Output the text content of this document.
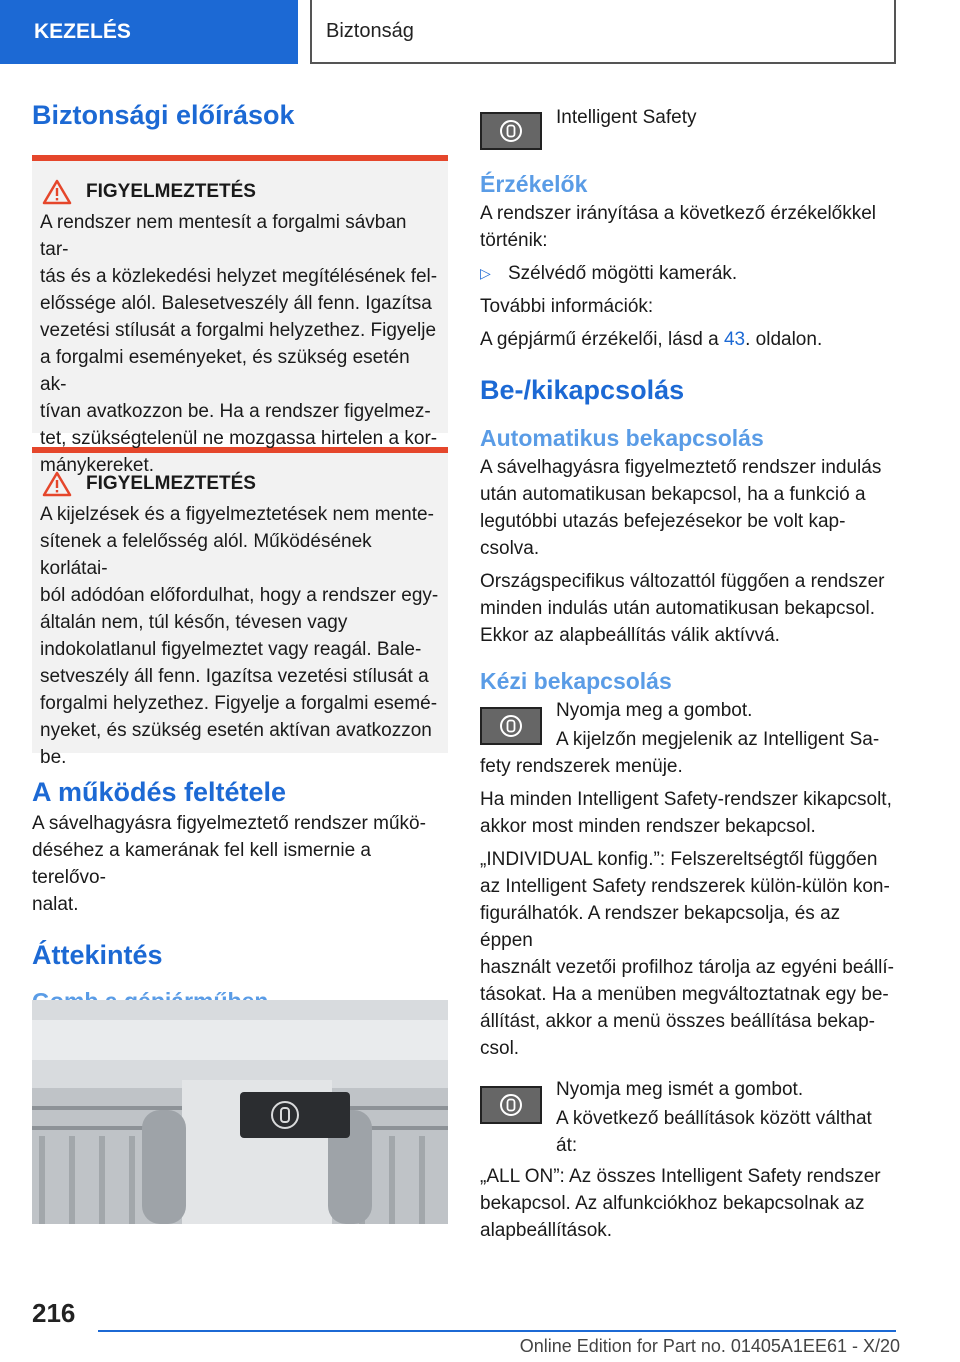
KEZELÉS	Biztonság
Biztonsági előírások
FIGYELMEZTETÉS

A rendszer nem mentesít a forgalmi sávban tar-

tás és a közlekedési helyzet megítélésének fel-

előssége alól. Balesetveszély áll fenn. Igazítsa

vezetési stílusát a forgalmi helyzethez. Figyelje

a forgalmi eseményeket, és szükség esetén ak-

tívan avatkozzon be. Ha a rendszer figyelmez-

tet, szükségtelenül ne mozgassa hirtelen a kor-

mánykereket.

FIGYELMEZTETÉS

A kijelzések és a figyelmeztetések nem mente-

sítenek a felelősség alól. Működésének korlátai-

ból adódóan előfordulhat, hogy a rendszer egy-

általán nem, túl későn, tévesen vagy

indokolatlanul figyelmeztet vagy reagál. Bale-

setveszély áll fenn. Igazítsa vezetési stílusát a

forgalmi helyzethez. Figyelje a forgalmi esemé-

nyeket, és szükség esetén aktívan avatkozzon

be.

A működés feltétele

A sávelhagyásra figyelmeztető rendszer műkö-

déséhez a kamerának fel kell ismernie a terelővo-

nalat.

Áttekintés

Intelligent Safety

Érzékelők

A rendszer irányítása a következő érzékelőkkel

történik:

▷ Szélvédő mögötti kamerák.

További információk:

A gépjármű érzékelői, lásd a 43. oldalon.

Be-/kikapcsolás
Automatikus bekapcsolás

A sávelhagyásra figyelmeztető rendszer indulás

után automatikusan bekapcsol, ha a funkció a

legutóbbi utazás befejezésekor be volt kap-

csolva.

Országspecifikus változattól függően a rendszer

minden indulás után automatikusan bekapcsol.

Ekkor az alapbeállítás válik aktívvá.

Kézi bekapcsolás

Nyomja meg a gombot.

A kijelzőn megjelenik az Intelligent Sa-

fety rendszerek menüje.

Ha minden Intelligent Safety-rendszer kikapcsolt,

akkor most minden rendszer bekapcsol.

„INDIVIDUAL konfig.”: Felszereltségtől függően

az Intelligent Safety rendszerek külön-külön kon-

figurálhatók. A rendszer bekapcsolja, és az éppen

használt vezetői profilhoz tárolja az egyéni beállí-

tásokat. Ha a menüben megváltoztatnak egy be-

állítást, akkor a menü összes beállítása bekap-

csol.

Nyomja meg ismét a gombot.

A következő beállítások között válthat át:

„ALL ON”: Az összes Intelligent Safety rendszer

bekapcsol. Az alfunkciókhoz bekapcsolnak az

alapbeállítások.

216
Online Edition for Part no. 01405A1EE61 - X/20
